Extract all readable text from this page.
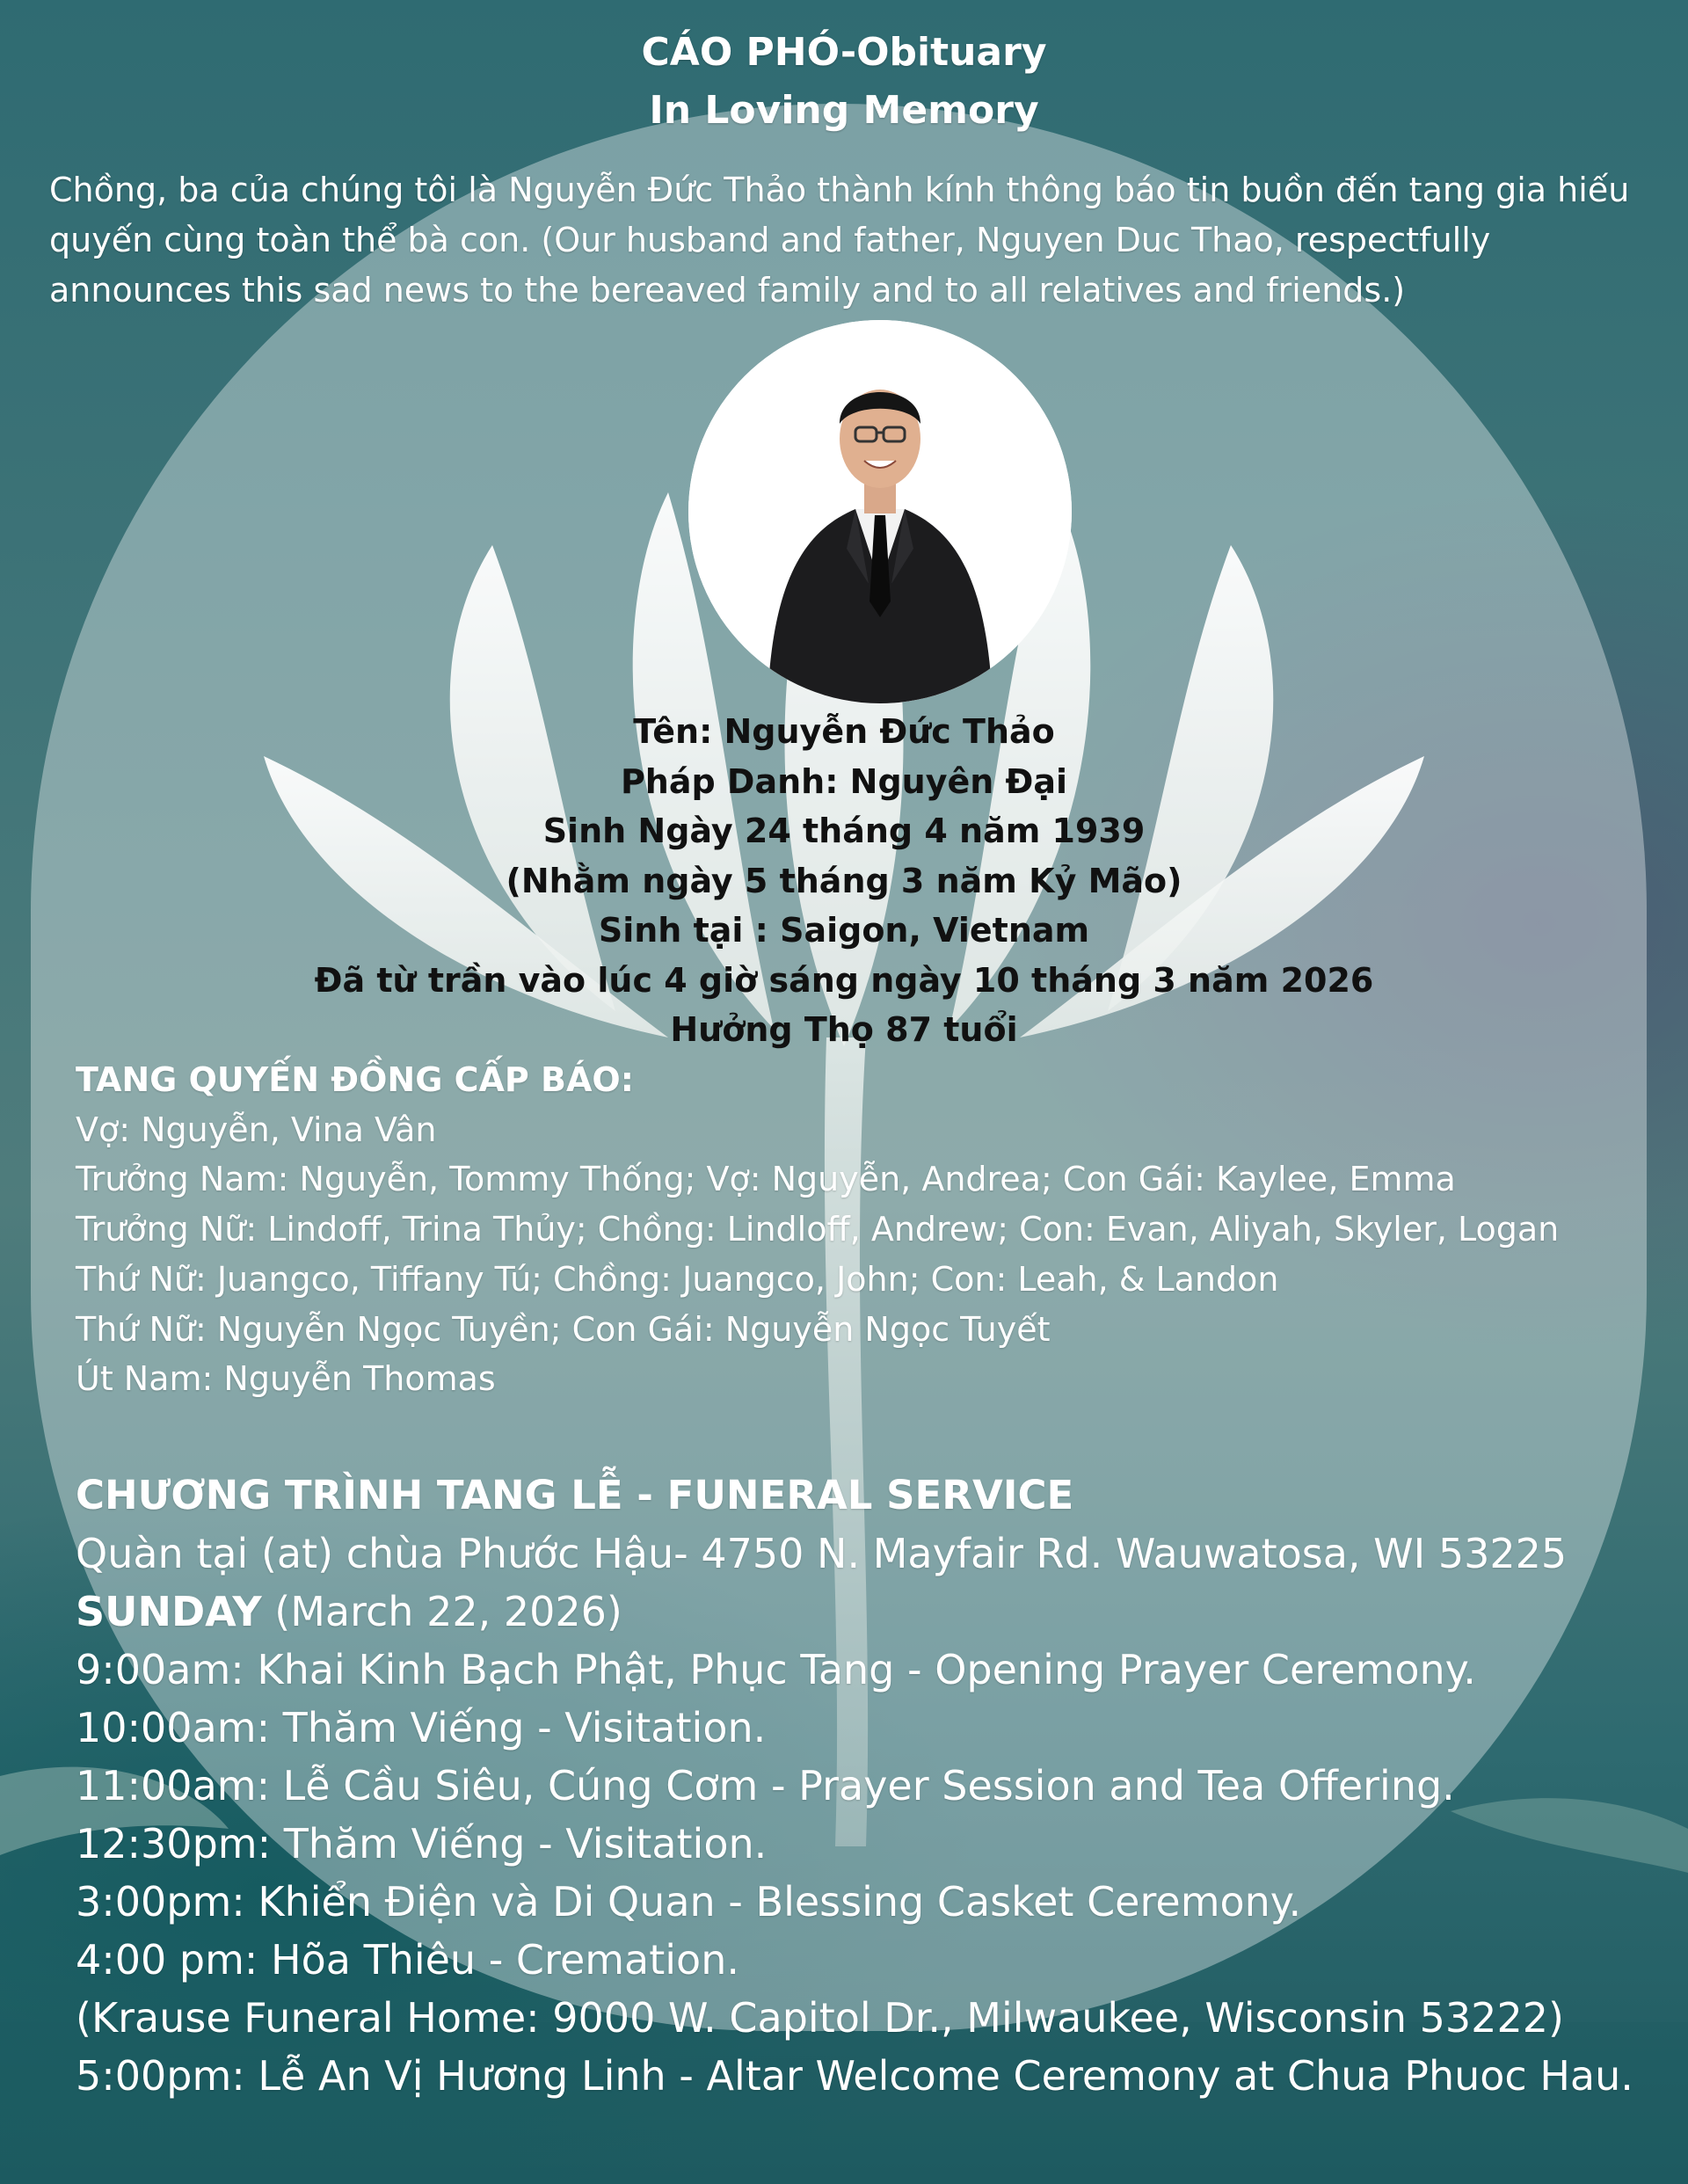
CÁO PHÓ-Obituary
In Loving Memory
Chồng, ba của chúng tôi là Nguyễn Đức Thảo thành kính thông báo tin buồn đến tang gia hiếu quyến cùng toàn thể bà con. (Our husband and father, Nguyen Duc Thao, respectfully announces this sad news to the bereaved family and to all relatives and friends.)
Tên: Nguyễn Đức Thảo
Pháp Danh: Nguyên Đại
Sinh Ngày 24 tháng 4 năm 1939
(Nhằm ngày 5 tháng 3 năm Kỷ Mão)
Sinh tại : Saigon, Vietnam
Đã từ trần vào lúc 4 giờ sáng ngày 10 tháng 3 năm 2026
Hưởng Thọ 87 tuổi
TANG QUYẾN ĐỒNG CẤP BÁO:
Vợ: Nguyễn, Vina Vân
Trưởng Nam: Nguyễn, Tommy Thống; Vợ: Nguyễn, Andrea; Con Gái: Kaylee, Emma
Trưởng Nữ: Lindoff, Trina Thủy; Chồng: Lindloff, Andrew; Con: Evan, Aliyah, Skyler, Logan
Thứ Nữ: Juangco, Tiffany Tú; Chồng: Juangco, John; Con: Leah, & Landon
Thứ Nữ: Nguyễn Ngọc Tuyền; Con Gái: Nguyễn Ngọc Tuyết
Út Nam: Nguyễn Thomas
CHƯƠNG TRÌNH TANG LỄ - FUNERAL SERVICE
Quàn tại (at) chùa Phước Hậu- 4750 N. Mayfair Rd. Wauwatosa, WI 53225
SUNDAY (March 22, 2026)
9:00am: Khai Kinh Bạch Phật, Phục Tang - Opening Prayer Ceremony.
10:00am: Thăm Viếng - Visitation.
11:00am: Lễ Cầu Siêu, Cúng Cơm - Prayer Session and Tea Offering.
12:30pm: Thăm Viếng - Visitation.
3:00pm: Khiển Điện và Di Quan - Blessing Casket Ceremony.
4:00 pm: Hõa Thiêu - Cremation.
(Krause Funeral Home: 9000 W. Capitol Dr., Milwaukee, Wisconsin 53222)
5:00pm: Lễ An Vị Hương Linh - Altar Welcome Ceremony at Chua Phuoc Hau.
